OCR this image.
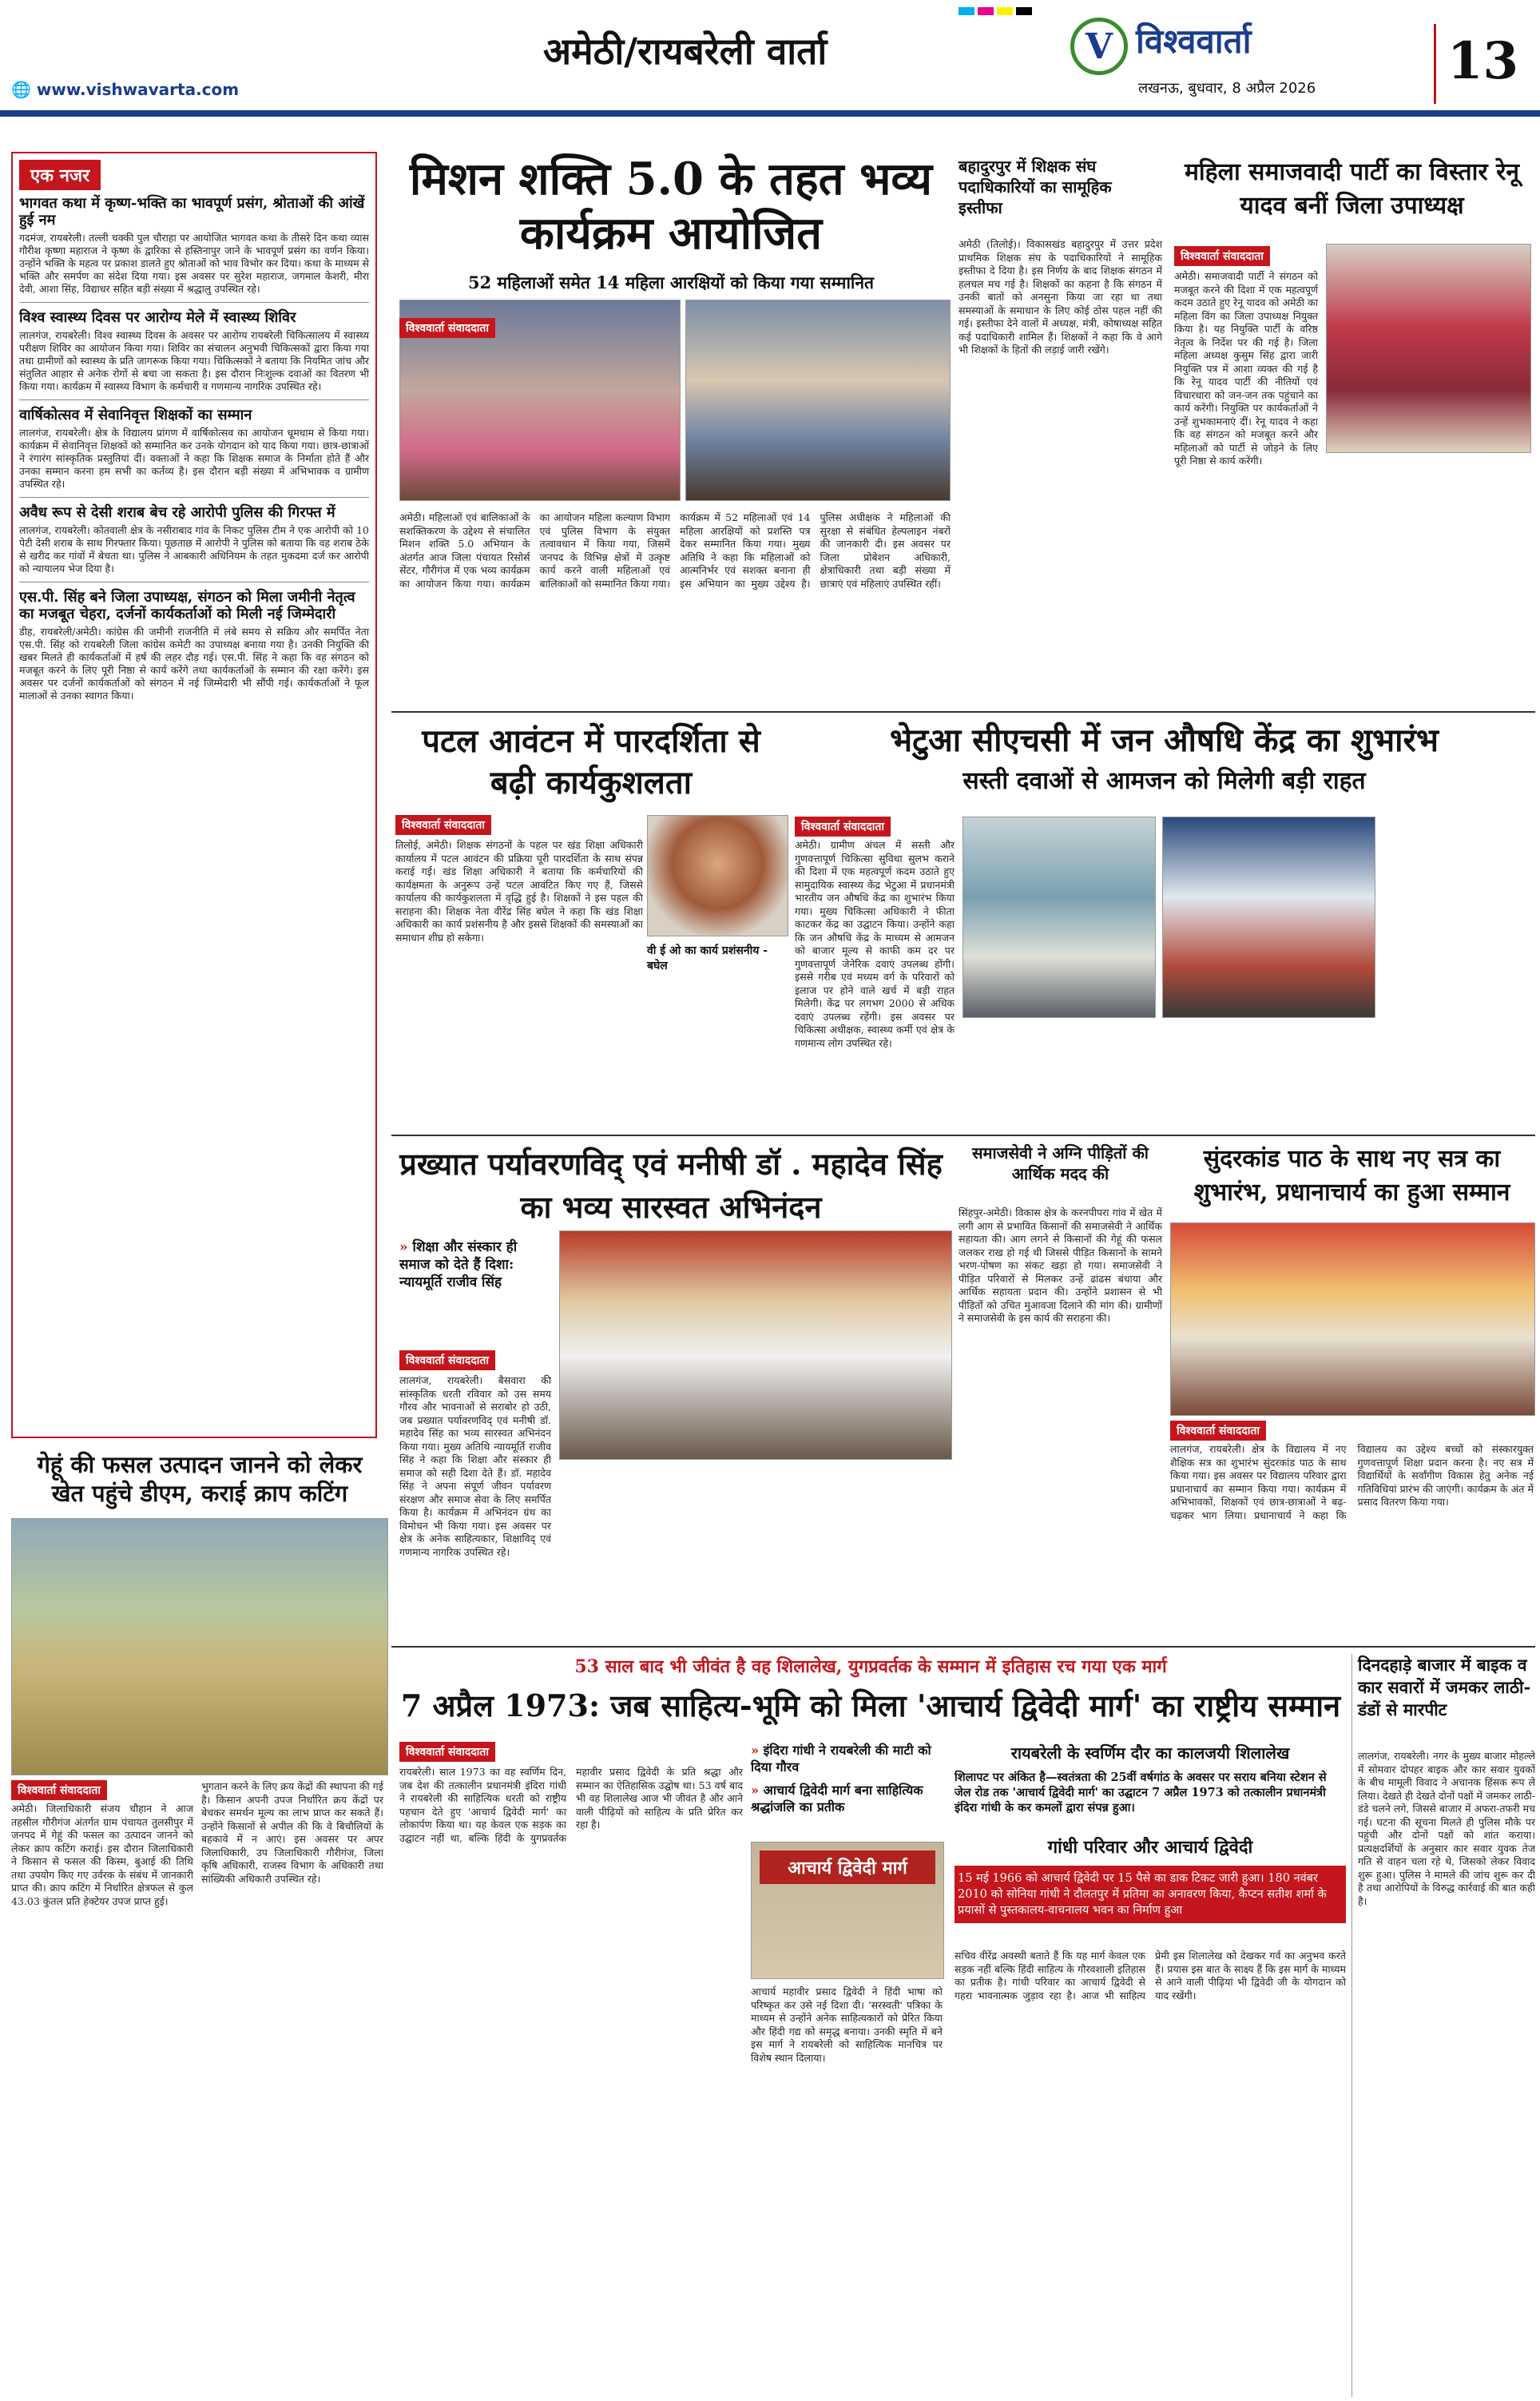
अमेठी/रायबरेली वार्ता
🌐 www.vishwavarta.com
V विश्ववार्ता
लखनऊ, बुधवार, 8 अप्रैल 2026	13
एक नजर
भागवत कथा में कृष्ण-भक्ति का भावपूर्ण प्रसंग, श्रोताओं की आंखें हुई नम

गदमंज, रायबरेली। तल्ली चक्की पुल चौराहा पर आयोजित भागवत कथा के तीसरे दिन कथा व्यास गौरीश कृष्णा महाराज ने कृष्ण के द्वारिका से हस्तिनापुर जाने के भावपूर्ण प्रसंग का वर्णन किया। उन्होंने भक्ति के महत्व पर प्रकाश डालते हुए श्रोताओं को भाव विभोर कर दिया। कथा के माध्यम से भक्ति और समर्पण का संदेश दिया गया। इस अवसर पर सुरेश महाराज, जगमाल केशरी, मीरा देवी, आशा सिंह, विद्याधर सहित बड़ी संख्या में श्रद्धालु उपस्थित रहे।

विश्व स्वास्थ्य दिवस पर आरोग्य मेले में स्वास्थ्य शिविर

लालगंज, रायबरेली। विश्व स्वास्थ्य दिवस के अवसर पर आरोग्य रायबरेली चिकित्सालय में स्वास्थ्य परीक्षण शिविर का आयोजन किया गया। शिविर का संचालन अनुभवी चिकित्सकों द्वारा किया गया तथा ग्रामीणों को स्वास्थ्य के प्रति जागरूक किया गया। चिकित्सकों ने बताया कि नियमित जांच और संतुलित आहार से अनेक रोगों से बचा जा सकता है। इस दौरान निःशुल्क दवाओं का वितरण भी किया गया। कार्यक्रम में स्वास्थ्य विभाग के कर्मचारी व गणमान्य नागरिक उपस्थित रहे।

वार्षिकोत्सव में सेवानिवृत्त शिक्षकों का सम्मान

लालगंज, रायबरेली। क्षेत्र के विद्यालय प्रांगण में वार्षिकोत्सव का आयोजन धूमधाम से किया गया। कार्यक्रम में सेवानिवृत्त शिक्षकों को सम्मानित कर उनके योगदान को याद किया गया। छात्र-छात्राओं ने रंगारंग सांस्कृतिक प्रस्तुतियां दीं। वक्ताओं ने कहा कि शिक्षक समाज के निर्माता होते हैं और उनका सम्मान करना हम सभी का कर्तव्य है। इस दौरान बड़ी संख्या में अभिभावक व ग्रामीण उपस्थित रहे।

अवैध रूप से देसी शराब बेच रहे आरोपी पुलिस की गिरफ्त में

लालगंज, रायबरेली। कोतवाली क्षेत्र के नसीराबाद गांव के निकट पुलिस टीम ने एक आरोपी को 10 पेटी देसी शराब के साथ गिरफ्तार किया। पूछताछ में आरोपी ने पुलिस को बताया कि वह शराब ठेके से खरीद कर गांवों में बेचता था। पुलिस ने आबकारी अधिनियम के तहत मुकदमा दर्ज कर आरोपी को न्यायालय भेज दिया है।

एस.पी. सिंह बने जिला उपाध्यक्ष, संगठन को मिला जमीनी नेतृत्व का मजबूत चेहरा, दर्जनों कार्यकर्ताओं को मिली नई जिम्मेदारी

डीह, रायबरेली/अमेठी। कांग्रेस की जमीनी राजनीति में लंबे समय से सक्रिय और समर्पित नेता एस.पी. सिंह को रायबरेली जिला कांग्रेस कमेटी का उपाध्यक्ष बनाया गया है। उनकी नियुक्ति की खबर मिलते ही कार्यकर्ताओं में हर्ष की लहर दौड़ गई। एस.पी. सिंह ने कहा कि वह संगठन को मजबूत करने के लिए पूरी निष्ठा से कार्य करेंगे तथा कार्यकर्ताओं के सम्मान की रक्षा करेंगे। इस अवसर पर दर्जनों कार्यकर्ताओं को संगठन में नई जिम्मेदारी भी सौंपी गई। कार्यकर्ताओं ने फूल मालाओं से उनका स्वागत किया।

गेहूं की फसल उत्पादन जानने को लेकर खेत पहुंचे डीएम, कराई क्राप कटिंग
विश्ववार्ता संवाददाता
अमेठी। जिलाधिकारी संजय चौहान ने आज तहसील गौरीगंज अंतर्गत ग्राम पंचायत तुलसीपुर में जनपद में गेहूं की फसल का उत्पादन जानने को लेकर क्राप कटिंग कराई। इस दौरान जिलाधिकारी ने किसान से फसल की किस्म, बुआई की तिथि तथा उपयोग किए गए उर्वरक के संबंध में जानकारी प्राप्त की। क्राप कटिंग में निर्धारित क्षेत्रफल से कुल 43.03 कुंतल प्रति हेक्टेयर उपज प्राप्त हुई।
भुगतान करने के लिए क्रय केंद्रों की स्थापना की गई है। किसान अपनी उपज निर्धारित क्रय केंद्रों पर बेचकर समर्थन मूल्य का लाभ प्राप्त कर सकते हैं। उन्होंने किसानों से अपील की कि वे बिचौलियों के बहकावे में न आएं। इस अवसर पर अपर जिलाधिकारी, उप जिलाधिकारी गौरीगंज, जिला कृषि अधिकारी, राजस्व विभाग के अधिकारी तथा सांख्यिकी अधिकारी उपस्थित रहे।
मिशन शक्ति 5.0 के तहत भव्य कार्यक्रम आयोजित
52 महिलाओं समेत 14 महिला आरक्षियों को किया गया सम्मानित
विश्ववार्ता संवाददाता
अमेठी। महिलाओं एवं बालिकाओं के सशक्तिकरण के उद्देश्य से संचालित मिशन शक्ति 5.0 अभियान के अंतर्गत आज जिला पंचायत रिसोर्स सेंटर, गौरीगंज में एक भव्य कार्यक्रम का आयोजन किया गया। कार्यक्रम का आयोजन महिला कल्याण विभाग एवं पुलिस विभाग के संयुक्त तत्वावधान में किया गया, जिसमें जनपद के विभिन्न क्षेत्रों में उत्कृष्ट कार्य करने वाली महिलाओं एवं बालिकाओं को सम्मानित किया गया। कार्यक्रम में 52 महिलाओं एवं 14 महिला आरक्षियों को प्रशस्ति पत्र देकर सम्मानित किया गया। मुख्य अतिथि ने कहा कि महिलाओं को आत्मनिर्भर एवं सशक्त बनाना ही इस अभियान का मुख्य उद्देश्य है। पुलिस अधीक्षक ने महिलाओं की सुरक्षा से संबंधित हेल्पलाइन नंबरों की जानकारी दी। इस अवसर पर जिला प्रोबेशन अधिकारी, क्षेत्राधिकारी तथा बड़ी संख्या में छात्राएं एवं महिलाएं उपस्थित रहीं।
बहादुरपुर में शिक्षक संघ पदाधिकारियों का सामूहिक इस्तीफा
अमेठी (तिलोई)। विकासखंड बहादुरपुर में उत्तर प्रदेश प्राथमिक शिक्षक संघ के पदाधिकारियों ने सामूहिक इस्तीफा दे दिया है। इस निर्णय के बाद शिक्षक संगठन में हलचल मच गई है। शिक्षकों का कहना है कि संगठन में उनकी बातों को अनसुना किया जा रहा था तथा समस्याओं के समाधान के लिए कोई ठोस पहल नहीं की गई। इस्तीफा देने वालों में अध्यक्ष, मंत्री, कोषाध्यक्ष सहित कई पदाधिकारी शामिल हैं। शिक्षकों ने कहा कि वे आगे भी शिक्षकों के हितों की लड़ाई जारी रखेंगे।
महिला समाजवादी पार्टी का विस्तार रेनू यादव बनीं जिला उपाध्यक्ष
विश्ववार्ता संवाददाता
अमेठी। समाजवादी पार्टी ने संगठन को मजबूत करने की दिशा में एक महत्वपूर्ण कदम उठाते हुए रेनू यादव को अमेठी का महिला विंग का जिला उपाध्यक्ष नियुक्त किया है। यह नियुक्ति पार्टी के वरिष्ठ नेतृत्व के निर्देश पर की गई है। जिला महिला अध्यक्ष कुसुम सिंह द्वारा जारी नियुक्ति पत्र में आशा व्यक्त की गई है कि रेनू यादव पार्टी की नीतियों एवं विचारधारा को जन-जन तक पहुंचाने का कार्य करेंगी। नियुक्ति पर कार्यकर्ताओं ने उन्हें शुभकामनाएं दीं। रेनू यादव ने कहा कि वह संगठन को मजबूत करने और महिलाओं को पार्टी से जोड़ने के लिए पूरी निष्ठा से कार्य करेंगी।
पटल आवंटन में पारदर्शिता से बढ़ी कार्यकुशलता
विश्ववार्ता संवाददाता
तिलोई, अमेठी। शिक्षक संगठनों के पहल पर खंड शिक्षा अधिकारी कार्यालय में पटल आवंटन की प्रक्रिया पूरी पारदर्शिता के साथ संपन्न कराई गई। खंड शिक्षा अधिकारी ने बताया कि कर्मचारियों की कार्यक्षमता के अनुरूप उन्हें पटल आवंटित किए गए हैं, जिससे कार्यालय की कार्यकुशलता में वृद्धि हुई है। शिक्षकों ने इस पहल की सराहना की। शिक्षक नेता वीरेंद्र सिंह बघेल ने कहा कि खंड शिक्षा अधिकारी का कार्य प्रशंसनीय है और इससे शिक्षकों की समस्याओं का समाधान शीघ्र हो सकेगा।
वी ई ओ का कार्य प्रशंसनीय - बघेल
भेटुआ सीएचसी में जन औषधि केंद्र का शुभारंभ
सस्ती दवाओं से आमजन को मिलेगी बड़ी राहत
विश्ववार्ता संवाददाता
अमेठी। ग्रामीण अंचल में सस्ती और गुणवत्तापूर्ण चिकित्सा सुविधा सुलभ कराने की दिशा में एक महत्वपूर्ण कदम उठाते हुए सामुदायिक स्वास्थ्य केंद्र भेटुआ में प्रधानमंत्री भारतीय जन औषधि केंद्र का शुभारंभ किया गया। मुख्य चिकित्सा अधिकारी ने फीता काटकर केंद्र का उद्घाटन किया। उन्होंने कहा कि जन औषधि केंद्र के माध्यम से आमजन को बाजार मूल्य से काफी कम दर पर गुणवत्तापूर्ण जेनेरिक दवाएं उपलब्ध होंगी। इससे गरीब एवं मध्यम वर्ग के परिवारों को इलाज पर होने वाले खर्च में बड़ी राहत मिलेगी। केंद्र पर लगभग 2000 से अधिक दवाएं उपलब्ध रहेंगी। इस अवसर पर चिकित्सा अधीक्षक, स्वास्थ्य कर्मी एवं क्षेत्र के गणमान्य लोग उपस्थित रहे।
प्रख्यात पर्यावरणविद् एवं मनीषी डॉ . महादेव सिंह का भव्य सारस्वत अभिनंदन
» शिक्षा और संस्कार ही समाज को देते हैं दिशा: न्यायमूर्ति राजीव सिंह
विश्ववार्ता संवाददाता
लालगंज, रायबरेली। बैसवारा की सांस्कृतिक धरती रविवार को उस समय गौरव और भावनाओं से सराबोर हो उठी, जब प्रख्यात पर्यावरणविद् एवं मनीषी डॉ. महादेव सिंह का भव्य सारस्वत अभिनंदन किया गया। मुख्य अतिथि न्यायमूर्ति राजीव सिंह ने कहा कि शिक्षा और संस्कार ही समाज को सही दिशा देते हैं। डॉ. महादेव सिंह ने अपना संपूर्ण जीवन पर्यावरण संरक्षण और समाज सेवा के लिए समर्पित किया है। कार्यक्रम में अभिनंदन ग्रंथ का विमोचन भी किया गया। इस अवसर पर क्षेत्र के अनेक साहित्यकार, शिक्षाविद् एवं गणमान्य नागरिक उपस्थित रहे।
समाजसेवी ने अग्नि पीड़ितों की आर्थिक मदद की
सिंहपुर-अमेठी। विकास क्षेत्र के करनपीपरा गांव में खेत में लगी आग से प्रभावित किसानों की समाजसेवी ने आर्थिक सहायता की। आग लगने से किसानों की गेहूं की फसल जलकर राख हो गई थी जिससे पीड़ित किसानों के सामने भरण-पोषण का संकट खड़ा हो गया। समाजसेवी ने पीड़ित परिवारों से मिलकर उन्हें ढांढस बंधाया और आर्थिक सहायता प्रदान की। उन्होंने प्रशासन से भी पीड़ितों को उचित मुआवजा दिलाने की मांग की। ग्रामीणों ने समाजसेवी के इस कार्य की सराहना की।
सुंदरकांड पाठ के साथ नए सत्र का शुभारंभ, प्रधानाचार्य का हुआ सम्मान
विश्ववार्ता संवाददाता
लालगंज, रायबरेली। क्षेत्र के विद्यालय में नए शैक्षिक सत्र का शुभारंभ सुंदरकांड पाठ के साथ किया गया। इस अवसर पर विद्यालय परिवार द्वारा प्रधानाचार्य का सम्मान किया गया। कार्यक्रम में अभिभावकों, शिक्षकों एवं छात्र-छात्राओं ने बढ़-चढ़कर भाग लिया। प्रधानाचार्य ने कहा कि विद्यालय का उद्देश्य बच्चों को संस्कारयुक्त गुणवत्तापूर्ण शिक्षा प्रदान करना है। नए सत्र में विद्यार्थियों के सर्वांगीण विकास हेतु अनेक नई गतिविधियां प्रारंभ की जाएंगी। कार्यक्रम के अंत में प्रसाद वितरण किया गया।
53 साल बाद भी जीवंत है वह शिलालेख, युगप्रवर्तक के सम्मान में इतिहास रच गया एक मार्ग
7 अप्रैल 1973: जब साहित्य-भूमि को मिला 'आचार्य द्विवेदी मार्ग' का राष्ट्रीय सम्मान
विश्ववार्ता संवाददाता
रायबरेली। साल 1973 का वह स्वर्णिम दिन, जब देश की तत्कालीन प्रधानमंत्री इंदिरा गांधी ने रायबरेली की साहित्यिक धरती को राष्ट्रीय पहचान देते हुए 'आचार्य द्विवेदी मार्ग' का लोकार्पण किया था। यह केवल एक सड़क का उद्घाटन नहीं था, बल्कि हिंदी के युगप्रवर्तक महावीर प्रसाद द्विवेदी के प्रति श्रद्धा और सम्मान का ऐतिहासिक उद्घोष था। 53 वर्ष बाद भी वह शिलालेख आज भी जीवंत है और आने वाली पीढ़ियों को साहित्य के प्रति प्रेरित कर रहा है।
» इंदिरा गांधी ने रायबरेली की माटी को दिया गौरव
» आचार्य द्विवेदी मार्ग बना साहित्यिक श्रद्धांजलि का प्रतीक
आचार्य द्विवेदी मार्ग
आचार्य महावीर प्रसाद द्विवेदी ने हिंदी भाषा को परिष्कृत कर उसे नई दिशा दी। 'सरस्वती' पत्रिका के माध्यम से उन्होंने अनेक साहित्यकारों को प्रेरित किया और हिंदी गद्य को समृद्ध बनाया। उनकी स्मृति में बने इस मार्ग ने रायबरेली को साहित्यिक मानचित्र पर विशेष स्थान दिलाया।
रायबरेली के स्वर्णिम दौर का कालजयी शिलालेख
शिलापट पर अंकित है—स्वतंत्रता की 25वीं वर्षगांठ के अवसर पर सराय बनिया स्टेशन से जेल रोड तक 'आचार्य द्विवेदी मार्ग' का उद्घाटन 7 अप्रैल 1973 को तत्कालीन प्रधानमंत्री इंदिरा गांधी के कर कमलों द्वारा संपन्न हुआ।
गांधी परिवार और आचार्य द्विवेदी
15 मई 1966 को आचार्य द्विवेदी पर 15 पैसे का डाक टिकट जारी हुआ। 180 नवंबर 2010 को सोनिया गांधी ने दौलतपुर में प्रतिमा का अनावरण किया, कैप्टन सतीश शर्मा के प्रयासों से पुस्तकालय-वाचनालय भवन का निर्माण हुआ
सचिव वीरेंद्र अवस्थी बताते हैं कि यह मार्ग केवल एक सड़क नहीं बल्कि हिंदी साहित्य के गौरवशाली इतिहास का प्रतीक है। गांधी परिवार का आचार्य द्विवेदी से गहरा भावनात्मक जुड़ाव रहा है। आज भी साहित्य प्रेमी इस शिलालेख को देखकर गर्व का अनुभव करते हैं। प्रयास इस बात के साक्ष्य हैं कि इस मार्ग के माध्यम से आने वाली पीढ़ियां भी द्विवेदी जी के योगदान को याद रखेंगी।
दिनदहाड़े बाजार में बाइक व कार सवारों में जमकर लाठी- डंडों से मारपीट
लालगंज, रायबरेली। नगर के मुख्य बाजार मोहल्ले में सोमवार दोपहर बाइक और कार सवार युवकों के बीच मामूली विवाद ने अचानक हिंसक रूप ले लिया। देखते ही देखते दोनों पक्षों में जमकर लाठी-डंडे चलने लगे, जिससे बाजार में अफरा-तफरी मच गई। घटना की सूचना मिलते ही पुलिस मौके पर पहुंची और दोनों पक्षों को शांत कराया। प्रत्यक्षदर्शियों के अनुसार कार सवार युवक तेज गति से वाहन चला रहे थे, जिसको लेकर विवाद शुरू हुआ। पुलिस ने मामले की जांच शुरू कर दी है तथा आरोपियों के विरुद्ध कार्रवाई की बात कही है।
